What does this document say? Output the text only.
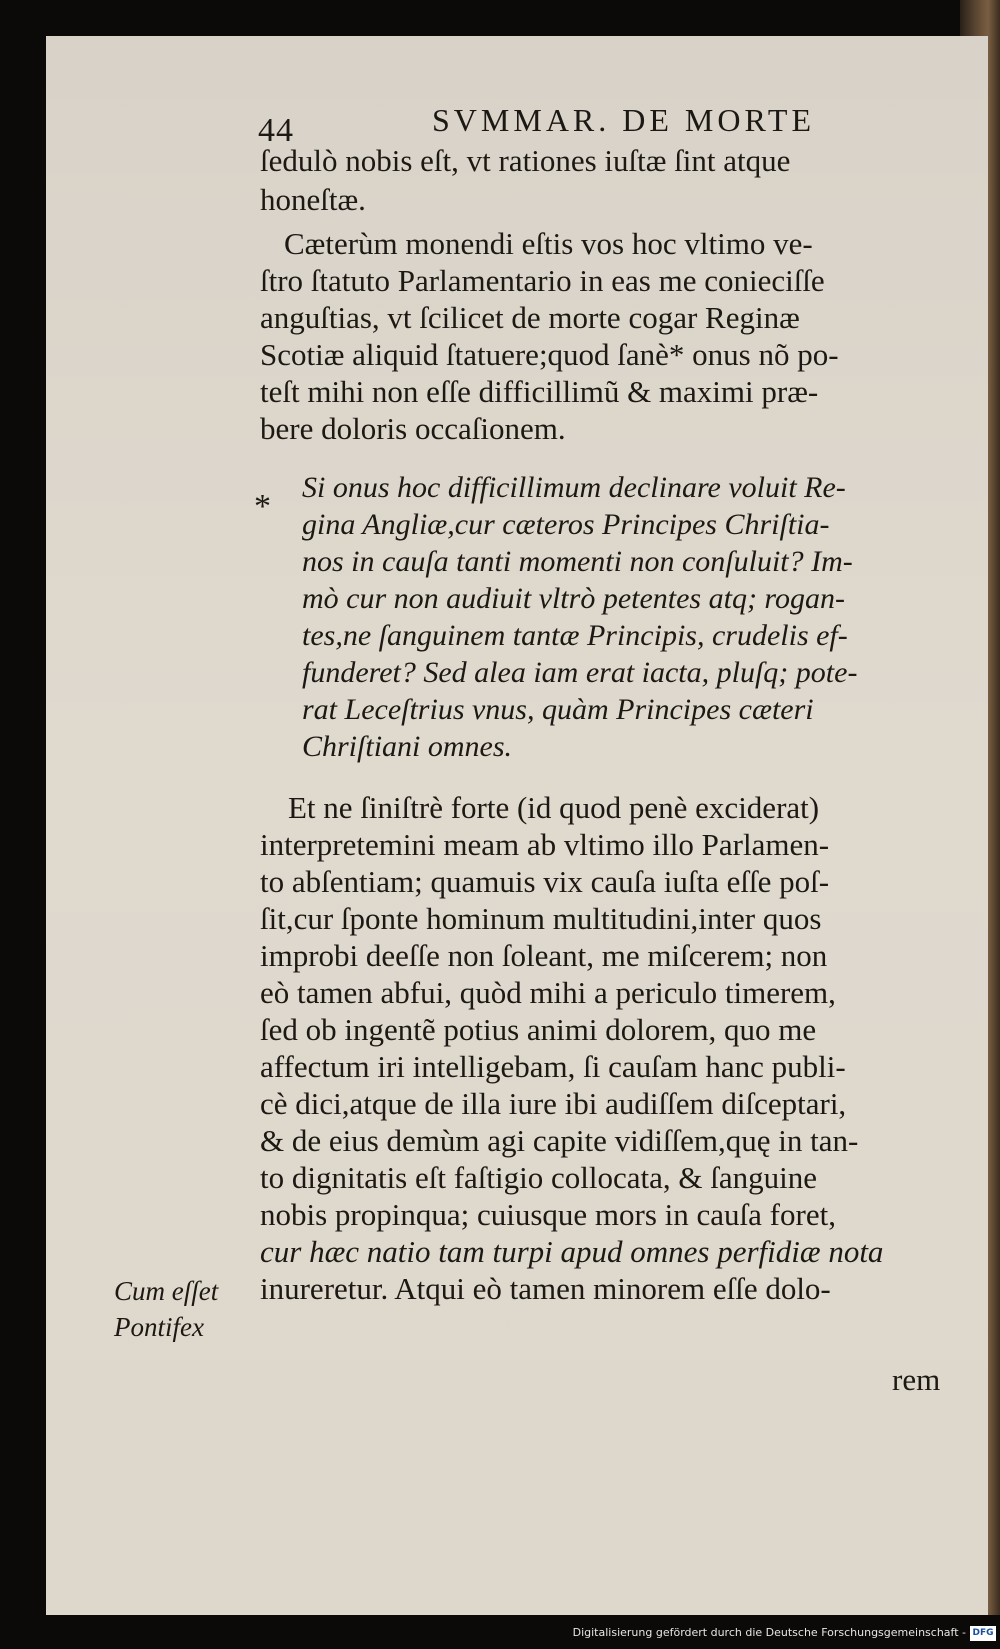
44	SVMMAR. DE MORTE
ſedulò nobis eſt, vt rationes iuſtæ ſint atque
honeſtæ.
Cæterùm monendi eſtis vos hoc vltimo ve-
ſtro ſtatuto Parlamentario in eas me conieciſſe
anguſtias, vt ſcilicet de morte cogar Reginæ
Scotiæ aliquid ſtatuere;quod ſanè* onus nõ po-
teſt mihi non eſſe difficillimũ & maximi præ-
bere doloris occaſionem.
*
Si onus hoc difficillimum declinare voluit Re-
gina Angliæ,cur cæteros Principes Chriſtia-
nos in cauſa tanti momenti non conſuluit? Im-
mò cur non audiuit vltrò petentes atq; rogan-
tes,ne ſanguinem tantæ Principis, crudelis ef-
funderet? Sed alea iam erat iacta, pluſq; pote-
rat Leceſtrius vnus, quàm Principes cæteri
Chriſtiani omnes.
Et ne ſiniſtrè forte (id quod penè exciderat)
interpretemini meam ab vltimo illo Parlamen-
to abſentiam; quamuis vix cauſa iuſta eſſe poſ-
ſit,cur ſponte hominum multitudini,inter quos
improbi deeſſe non ſoleant, me miſcerem; non
eò tamen abfui, quòd mihi a periculo timerem,
ſed ob ingentẽ potius animi dolorem, quo me
affectum iri intelligebam, ſi cauſam hanc publi-
cè dici,atque de illa iure ibi audiſſem diſceptari,
& de eius demùm agi capite vidiſſem,quę in tan-
to dignitatis eſt faſtigio collocata, & ſanguine
nobis propinqua; cuiusque mors in cauſa foret,
cur hæc natio tam turpi apud omnes perfidiæ nota
inureretur. Atqui eò tamen minorem eſſe dolo-
Cum eſſet
Pontifex
rem
Digitalisierung gefördert durch die Deutsche Forschungsgemeinschaft - DFG
